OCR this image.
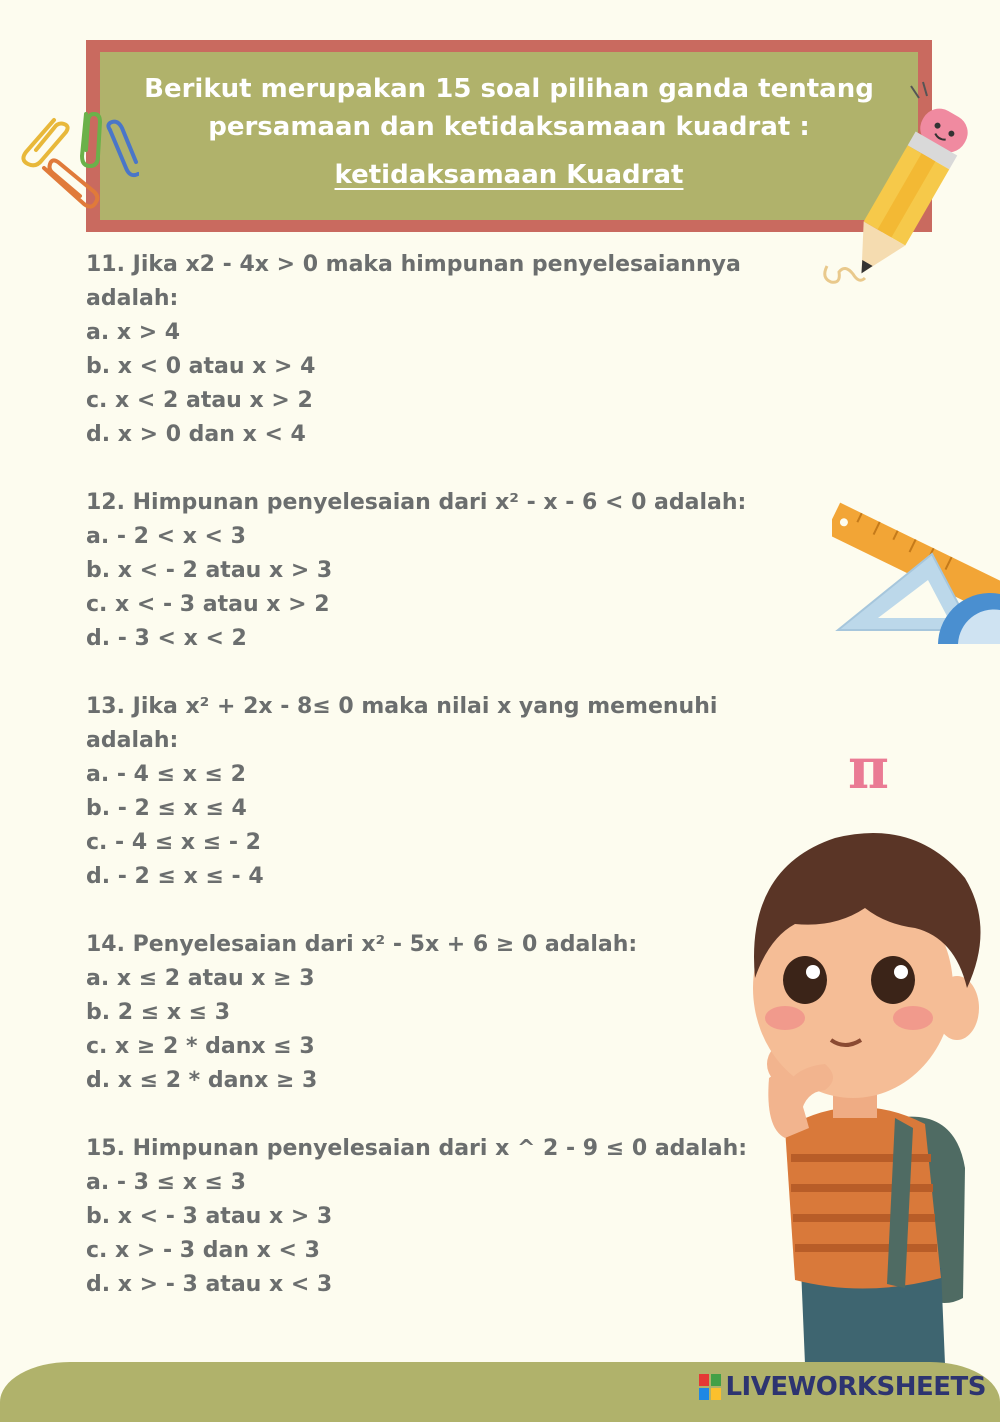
Berikut merupakan 15 soal pilihan ganda tentang persamaan dan ketidaksamaan kuadrat :
ketidaksamaan Kuadrat
11. Jika x2 - 4x > 0 maka himpunan penyelesaiannya adalah:
a. x > 4
b. x < 0 atau x > 4
c. x < 2 atau x > 2
d. x > 0 dan x < 4
12. Himpunan penyelesaian dari x² - x - 6 < 0 adalah:
a. - 2 < x < 3
b. x < - 2 atau x > 3
c. x < - 3 atau x > 2
d. - 3 < x < 2
13. Jika x² + 2x - 8≤ 0 maka nilai x yang memenuhi adalah:
a. - 4 ≤ x ≤ 2
b. - 2 ≤ x ≤ 4
c. - 4 ≤ x ≤ - 2
d. - 2 ≤ x ≤ - 4
14. Penyelesaian dari x² - 5x + 6 ≥ 0 adalah:
a. x ≤ 2 atau x ≥ 3
b. 2 ≤ x ≤ 3
c. x ≥ 2 * danx ≤ 3
d. x ≤ 2 * danx ≥ 3
15. Himpunan penyelesaian dari x ^ 2 - 9 ≤ 0 adalah:
a. - 3 ≤ x ≤ 3
b. x < - 3 atau x > 3
c. x > - 3 dan x < 3
d. x > - 3 atau x < 3
π
LIVEWORKSHEETS
